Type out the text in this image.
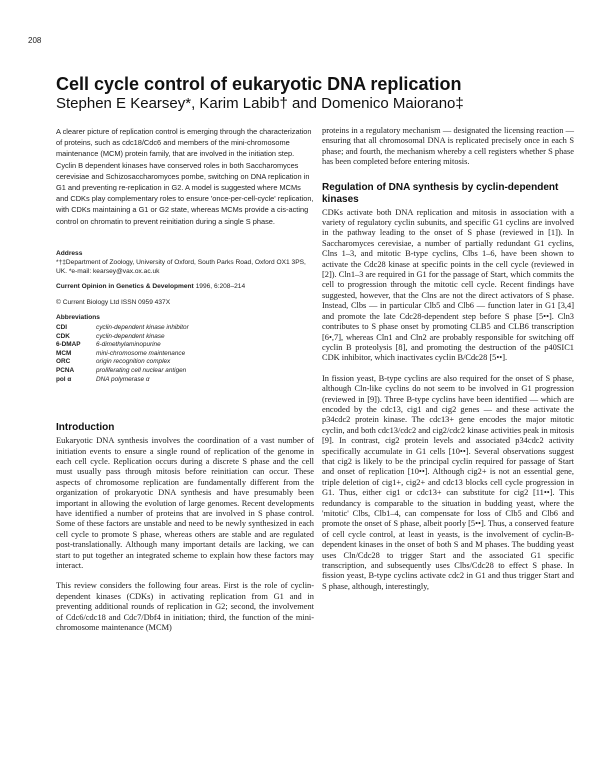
208
Cell cycle control of eukaryotic DNA replication
Stephen E Kearsey*, Karim Labib† and Domenico Maiorano‡

A clearer picture of replication control is emerging through the characterization of proteins, such as cdc18/Cdc6 and members of the mini-chromosome maintenance (MCM) protein family, that are involved in the initiation step. Cyclin B dependent kinases have conserved roles in both Saccharomyces cerevisiae and Schizosaccharomyces pombe, switching on DNA replication in G1 and preventing re-replication in G2. A model is suggested where MCMs and CDKs play complementary roles to ensure 'once-per-cell-cycle' replication, with CDKs maintaining a G1 or G2 state, whereas MCMs provide a cis-acting control on chromatin to prevent reinitiation during a single S phase.

Address
*†‡Department of Zoology, University of Oxford, South Parks Road, Oxford OX1 3PS, UK. *e-mail: kearsey@vax.ox.ac.uk

Current Opinion in Genetics & Development 1996, 6:208–214

© Current Biology Ltd ISSN 0959 437X

Abbreviations
CDI	cyclin-dependent kinase inhibitor
CDK	cyclin-dependent kinase
6-DMAP	6-dimethylaminopurine
MCM	mini-chromosome maintenance
ORC	origin recognition complex
PCNA	proliferating cell nuclear antigen
pol α	DNA polymerase α
Introduction

Eukaryotic DNA synthesis involves the coordination of a vast number of initiation events to ensure a single round of replication of the genome in each cell cycle. Replication occurs during a discrete S phase and the cell must usually pass through mitosis before reinitiation can occur. These aspects of chromosome replication are fundamentally different from the organization of prokaryotic DNA synthesis and have presumably been important in allowing the evolution of large genomes. Recent developments have identified a number of proteins that are involved in S phase control. Some of these factors are unstable and need to be newly synthesized in each cell cycle to promote S phase, whereas others are stable and are regulated post-translationally. Although many important details are lacking, we can start to put together an integrated scheme to explain how these factors may interact.

This review considers the following four areas. First is the role of cyclin-dependent kinases (CDKs) in activating replication from G1 and in preventing additional rounds of replication in G2; second, the involvement of Cdc6/cdc18 and Cdc7/Dbf4 in initiation; third, the function of the mini-chromosome maintenance (MCM)

proteins in a regulatory mechanism — designated the licensing reaction — ensuring that all chromosomal DNA is replicated precisely once in each S phase; and fourth, the mechanism whereby a cell registers whether S phase has been completed before entering mitosis.

Regulation of DNA synthesis by cyclin-dependent kinases

CDKs activate both DNA replication and mitosis in association with a variety of regulatory cyclin subunits, and specific G1 cyclins are involved in the pathway leading to the onset of S phase (reviewed in [1]). In Saccharomyces cerevisiae, a number of partially redundant G1 cyclins, Clns 1–3, and mitotic B-type cyclins, Clbs 1–6, have been shown to activate the Cdc28 kinase at specific points in the cell cycle (reviewed in [2]). Cln1–3 are required in G1 for the passage of Start, which commits the cell to progression through the mitotic cell cycle. Recent findings have suggested, however, that the Clns are not the direct activators of S phase. Instead, Clbs — in particular Clb5 and Clb6 — function later in G1 [3,4] and promote the late Cdc28-dependent step before S phase [5••]. Cln3 contributes to S phase onset by promoting CLB5 and CLB6 transcription [6•,7], whereas Cln1 and Cln2 are probably responsible for switching off cyclin B proteolysis [8], and promoting the destruction of the p40SIC1 CDK inhibitor, which inactivates cyclin B/Cdc28 [5••].

In fission yeast, B-type cyclins are also required for the onset of S phase, although Cln-like cyclins do not seem to be involved in G1 progression (reviewed in [9]). Three B-type cyclins have been identified — which are encoded by the cdc13, cig1 and cig2 genes — and these activate the p34cdc2 protein kinase. The cdc13+ gene encodes the major mitotic cyclin, and both cdc13/cdc2 and cig2/cdc2 kinase activities peak in mitosis [9]. In contrast, cig2 protein levels and associated p34cdc2 activity specifically accumulate in G1 cells [10••]. Several observations suggest that cig2 is likely to be the principal cyclin required for passage of Start and onset of replication [10••]. Although cig2+ is not an essential gene, triple deletion of cig1+, cig2+ and cdc13 blocks cell cycle progression in G1. Thus, either cig1 or cdc13+ can substitute for cig2 [11••]. This redundancy is comparable to the situation in budding yeast, where the 'mitotic' Clbs, Clb1–4, can compensate for loss of Clb5 and Clb6 and promote the onset of S phase, albeit poorly [5••]. Thus, a conserved feature of cell cycle control, at least in yeasts, is the involvement of cyclin-B-dependent kinases in the onset of both S and M phases. The budding yeast uses Cln/Cdc28 to trigger Start and the associated G1 specific transcription, and subsequently uses Clbs/Cdc28 to effect S phase. In fission yeast, B-type cyclins activate cdc2 in G1 and thus trigger Start and S phase, although, interestingly,
